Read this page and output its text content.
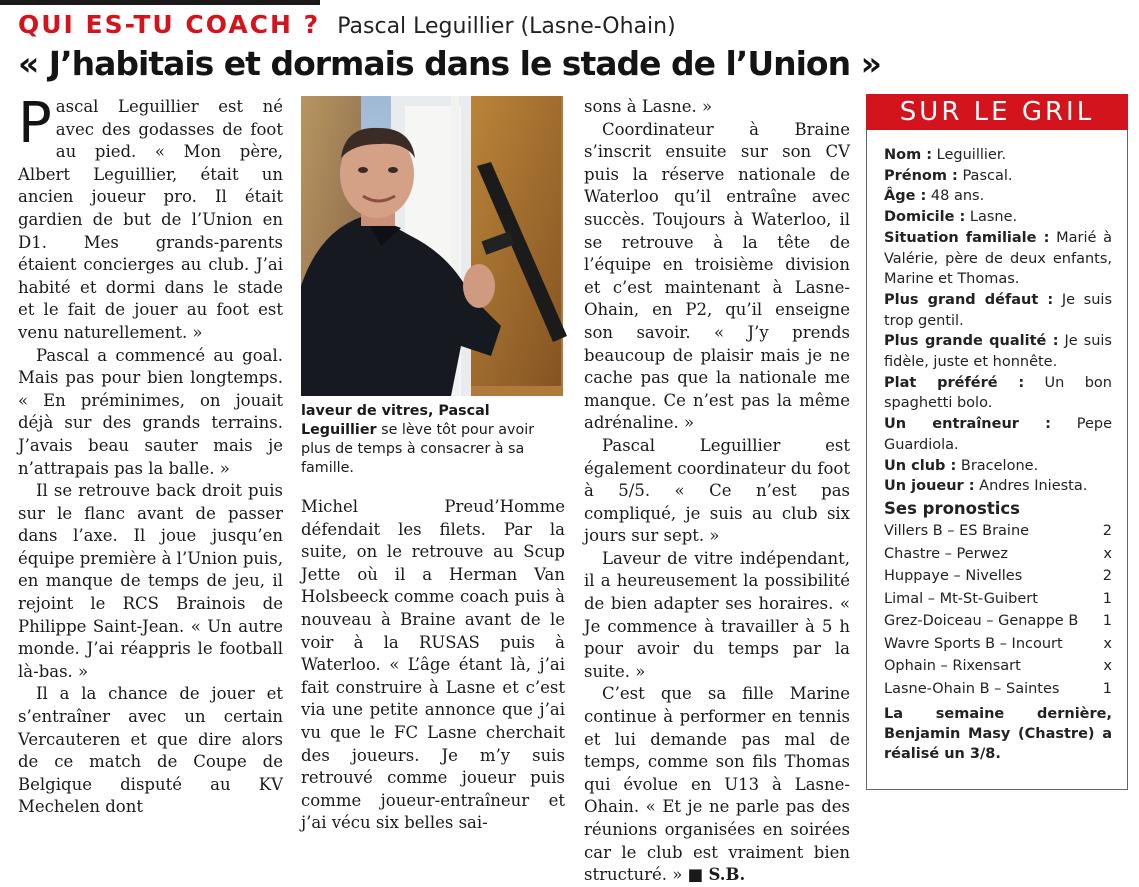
QUI ES-TU COACH ? Pascal Leguillier (Lasne-Ohain)
« J’habitais et dormais dans le stade de l’Union »

Pascal Leguillier est né avec des godasses de foot au pied. « Mon père, Albert Leguillier, était un ancien joueur pro. Il était gardien de but de l’Union en D1. Mes grands-parents étaient concierges au club. J’ai habité et dormi dans le stade et le fait de jouer au foot est venu naturellement. »

Pascal a commencé au goal. Mais pas pour bien longtemps. « En préminimes, on jouait déjà sur des grands terrains. J’avais beau sauter mais je n’attrapais pas la balle. »

Il se retrouve back droit puis sur le flanc avant de passer dans l’axe. Il joue jusqu’en équipe première à l’Union puis, en manque de temps de jeu, il rejoint le RCS Brainois de Philippe Saint-Jean. « Un autre monde. J’ai réappris le football là-bas. »

Il a la chance de jouer et s’entraîner avec un certain Vercauteren et que dire alors de ce match de Coupe de Belgique disputé au KV Mechelen dont

laveur de vitres, Pascal Leguillier se lève tôt pour avoir plus de temps à consacrer à sa famille.

Michel Preud’Homme défendait les filets. Par la suite, on le retrouve au Scup Jette où il a Herman Van Holsbeeck comme coach puis à nouveau à Braine avant de le voir à la RUSAS puis à Waterloo. « L’âge étant là, j’ai fait construire à Lasne et c’est via une petite annonce que j’ai vu que le FC Lasne cherchait des joueurs. Je m’y suis retrouvé comme joueur puis comme joueur-entraîneur et j’ai vécu six belles sai-

sons à Lasne. »

Coordinateur à Braine s’inscrit ensuite sur son CV puis la réserve nationale de Waterloo qu’il entraîne avec succès. Toujours à Waterloo, il se retrouve à la tête de l’équipe en troisième division et c’est maintenant à Lasne-Ohain, en P2, qu’il enseigne son savoir. « J’y prends beaucoup de plaisir mais je ne cache pas que la nationale me manque. Ce n’est pas la même adrénaline. »

Pascal Leguillier est également coordinateur du foot à 5/5. « Ce n’est pas compliqué, je suis au club six jours sur sept. »

Laveur de vitre indépendant, il a heureusement la possibilité de bien adapter ses horaires. « Je commence à travailler à 5 h pour avoir du temps par la suite. »

C’est que sa fille Marine continue à performer en tennis et lui demande pas mal de temps, comme son fils Thomas qui évolue en U13 à Lasne-Ohain. « Et je ne parle pas des réunions organisées en soirées car le club est vraiment bien structuré. » ■ S.B.

SUR LE GRIL
Nom : Leguillier.
Prénom : Pascal.
Âge : 48 ans.
Domicile : Lasne.
Situation familiale : Marié à Valérie, père de deux enfants, Marine et Thomas.
Plus grand défaut : Je suis trop gentil.
Plus grande qualité : Je suis fidèle, juste et honnête.
Plat préféré : Un bon spaghetti bolo.
Un entraîneur : Pepe Guardiola.
Un club : Bracelone.
Un joueur : Andres Iniesta.
Ses pronostics
Villers B – ES Braine	2
Chastre – Perwez	x
Huppaye – Nivelles	2
Limal – Mt-St-Guibert	1
Grez-Doiceau – Genappe B 1
Wavre Sports B – Incourt	x
Ophain – Rixensart	x
Lasne-Ohain B – Saintes	1
La semaine dernière, Benjamin Masy (Chastre) a réalisé un 3/8.
